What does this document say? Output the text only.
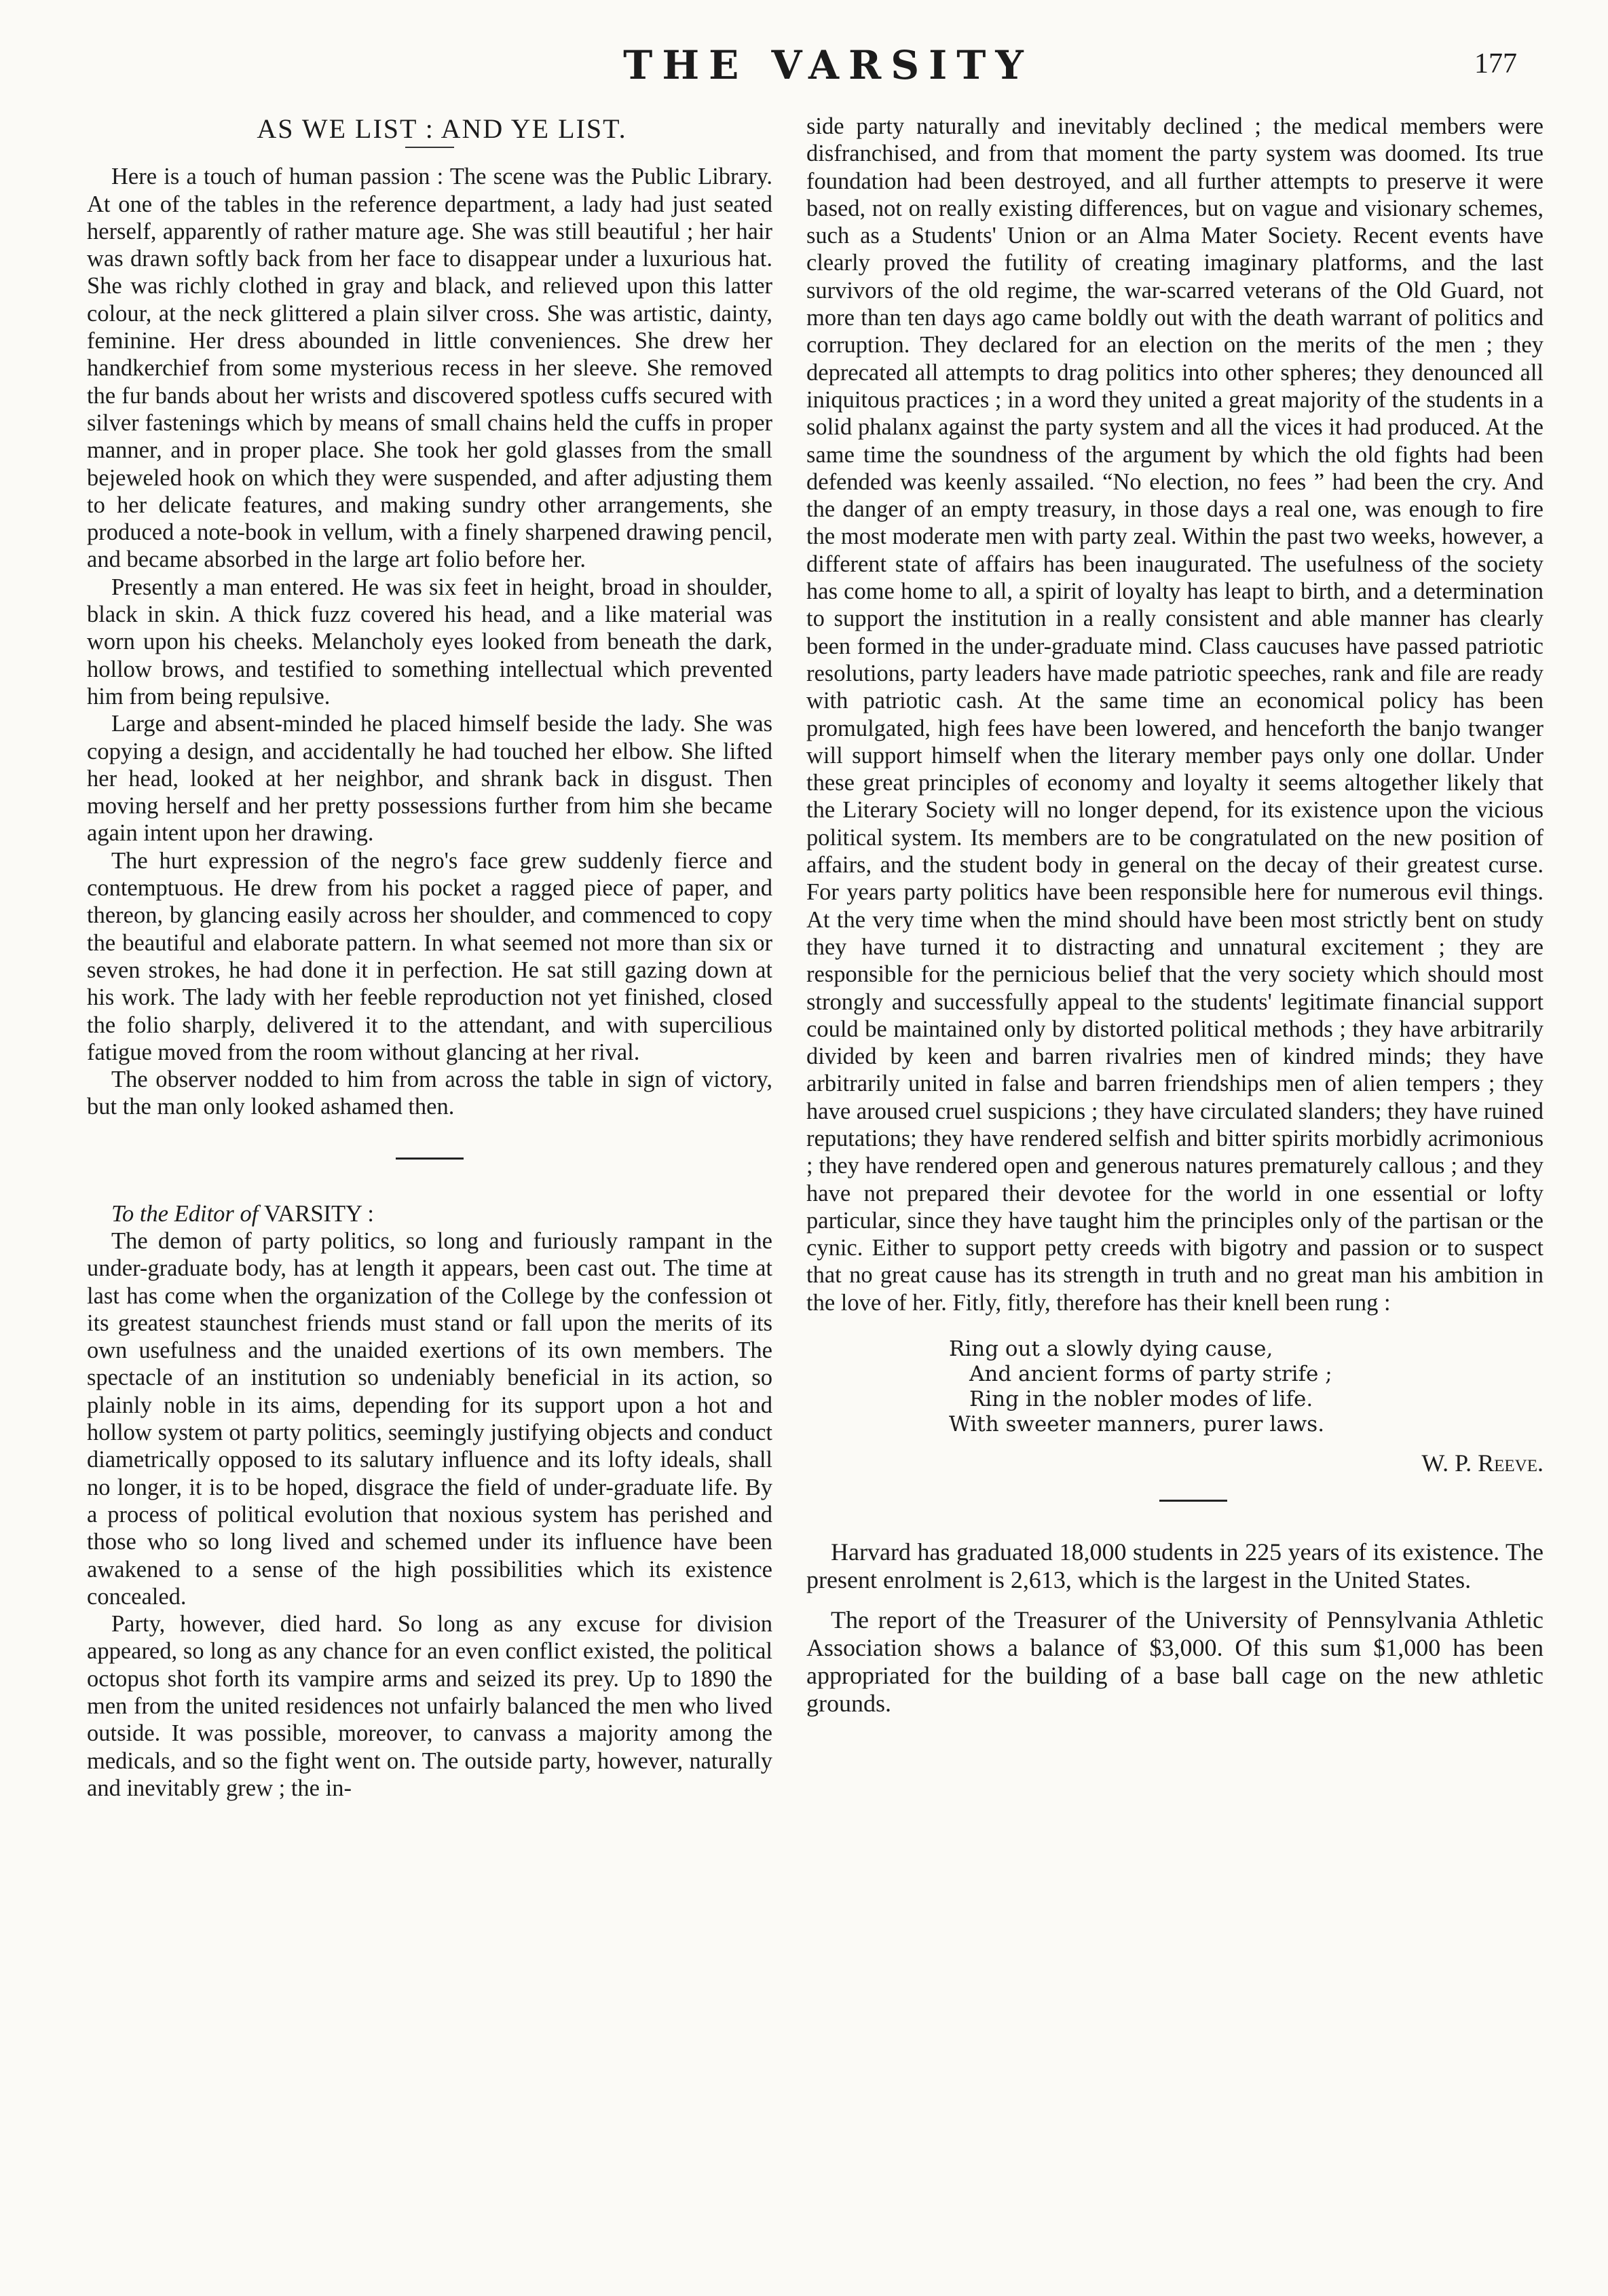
THE VARSITY	177

AS WE LIST : AND YE LIST.

Here is a touch of human passion : The scene was the Public Library. At one of the tables in the reference department, a lady had just seated herself, apparently of rather mature age. She was still beautiful ; her hair was drawn softly back from her face to disappear under a luxurious hat. She was richly clothed in gray and black, and relieved upon this latter colour, at the neck glittered a plain silver cross. She was artistic, dainty, feminine. Her dress abounded in little conveniences. She drew her handkerchief from some mysterious recess in her sleeve. She removed the fur bands about her wrists and discovered spotless cuffs secured with silver fastenings which by means of small chains held the cuffs in proper manner, and in proper place. She took her gold glasses from the small bejeweled hook on which they were suspended, and after adjusting them to her delicate features, and making sundry other arrangements, she produced a note-book in vellum, with a finely sharpened drawing pencil, and became absorbed in the large art folio before her.

Presently a man entered. He was six feet in height, broad in shoulder, black in skin. A thick fuzz covered his head, and a like material was worn upon his cheeks. Melancholy eyes looked from beneath the dark, hollow brows, and testified to something intellectual which prevented him from being repulsive.

Large and absent-minded he placed himself beside the lady. She was copying a design, and accidentally he had touched her elbow. She lifted her head, looked at her neighbor, and shrank back in disgust. Then moving herself and her pretty possessions further from him she became again intent upon her drawing.

The hurt expression of the negro's face grew suddenly fierce and contemptuous. He drew from his pocket a ragged piece of paper, and thereon, by glancing easily across her shoulder, and commenced to copy the beautiful and elaborate pattern. In what seemed not more than six or seven strokes, he had done it in perfection. He sat still gazing down at his work. The lady with her feeble reproduction not yet finished, closed the folio sharply, delivered it to the attendant, and with supercilious fatigue moved from the room without glancing at her rival.

The observer nodded to him from across the table in sign of victory, but the man only looked ashamed then.

To the Editor of VARSITY :

The demon of party politics, so long and furiously rampant in the under-graduate body, has at length it appears, been cast out. The time at last has come when the organization of the College by the confession ot its greatest staunchest friends must stand or fall upon the merits of its own usefulness and the unaided exertions of its own members. The spectacle of an institution so undeniably beneficial in its action, so plainly noble in its aims, depending for its support upon a hot and hollow system ot party politics, seemingly justifying objects and conduct diametrically opposed to its salutary influence and its lofty ideals, shall no longer, it is to be hoped, disgrace the field of under-graduate life. By a process of political evolution that noxious system has perished and those who so long lived and schemed under its influence have been awakened to a sense of the high possibilities which its existence concealed.

Party, however, died hard. So long as any excuse for division appeared, so long as any chance for an even conflict existed, the political octopus shot forth its vampire arms and seized its prey. Up to 1890 the men from the united residences not unfairly balanced the men who lived outside. It was possible, moreover, to canvass a majority among the medicals, and so the fight went on. The outside party, however, naturally and inevitably grew ; the in-

side party naturally and inevitably declined ; the medical members were disfranchised, and from that moment the party system was doomed. Its true foundation had been destroyed, and all further attempts to preserve it were based, not on really existing differences, but on vague and visionary schemes, such as a Students' Union or an Alma Mater Society. Recent events have clearly proved the futility of creating imaginary platforms, and the last survivors of the old regime, the war-scarred veterans of the Old Guard, not more than ten days ago came boldly out with the death warrant of politics and corruption. They declared for an election on the merits of the men ; they deprecated all attempts to drag politics into other spheres; they denounced all iniquitous practices ; in a word they united a great majority of the students in a solid phalanx against the party system and all the vices it had produced. At the same time the soundness of the argument by which the old fights had been defended was keenly assailed. “No election, no fees ” had been the cry. And the danger of an empty treasury, in those days a real one, was enough to fire the most moderate men with party zeal. Within the past two weeks, however, a different state of affairs has been inaugurated. The usefulness of the society has come home to all, a spirit of loyalty has leapt to birth, and a determination to support the institution in a really consistent and able manner has clearly been formed in the under-graduate mind. Class caucuses have passed patriotic resolutions, party leaders have made patriotic speeches, rank and file are ready with patriotic cash. At the same time an economical policy has been promulgated, high fees have been lowered, and henceforth the banjo twanger will support himself when the literary member pays only one dollar. Under these great principles of economy and loyalty it seems altogether likely that the Literary Society will no longer depend, for its existence upon the vicious political system. Its members are to be congratulated on the new position of affairs, and the student body in general on the decay of their greatest curse. For years party politics have been responsible here for numerous evil things. At the very time when the mind should have been most strictly bent on study they have turned it to distracting and unnatural excitement ; they are responsible for the pernicious belief that the very society which should most strongly and successfully appeal to the students' legitimate financial support could be maintained only by distorted political methods ; they have arbitrarily divided by keen and barren rivalries men of kindred minds; they have arbitrarily united in false and barren friendships men of alien tempers ; they have aroused cruel suspicions ; they have circulated slanders; they have ruined reputations; they have rendered selfish and bitter spirits morbidly acrimonious ; they have rendered open and generous natures prematurely callous ; and they have not prepared their devotee for the world in one essential or lofty particular, since they have taught him the principles only of the partisan or the cynic. Either to support petty creeds with bigotry and passion or to suspect that no great cause has its strength in truth and no great man his ambition in the love of her. Fitly, fitly, therefore has their knell been rung :

Ring out a slowly dying cause,
And ancient forms of party strife ;
Ring in the nobler modes of life.
With sweeter manners, purer laws.

W. P. Reeve.

Harvard has graduated 18,000 students in 225 years of its existence. The present enrolment is 2,613, which is the largest in the United States.

The report of the Treasurer of the University of Pennsylvania Athletic Association shows a balance of $3,000. Of this sum $1,000 has been appropriated for the building of a base ball cage on the new athletic grounds.
